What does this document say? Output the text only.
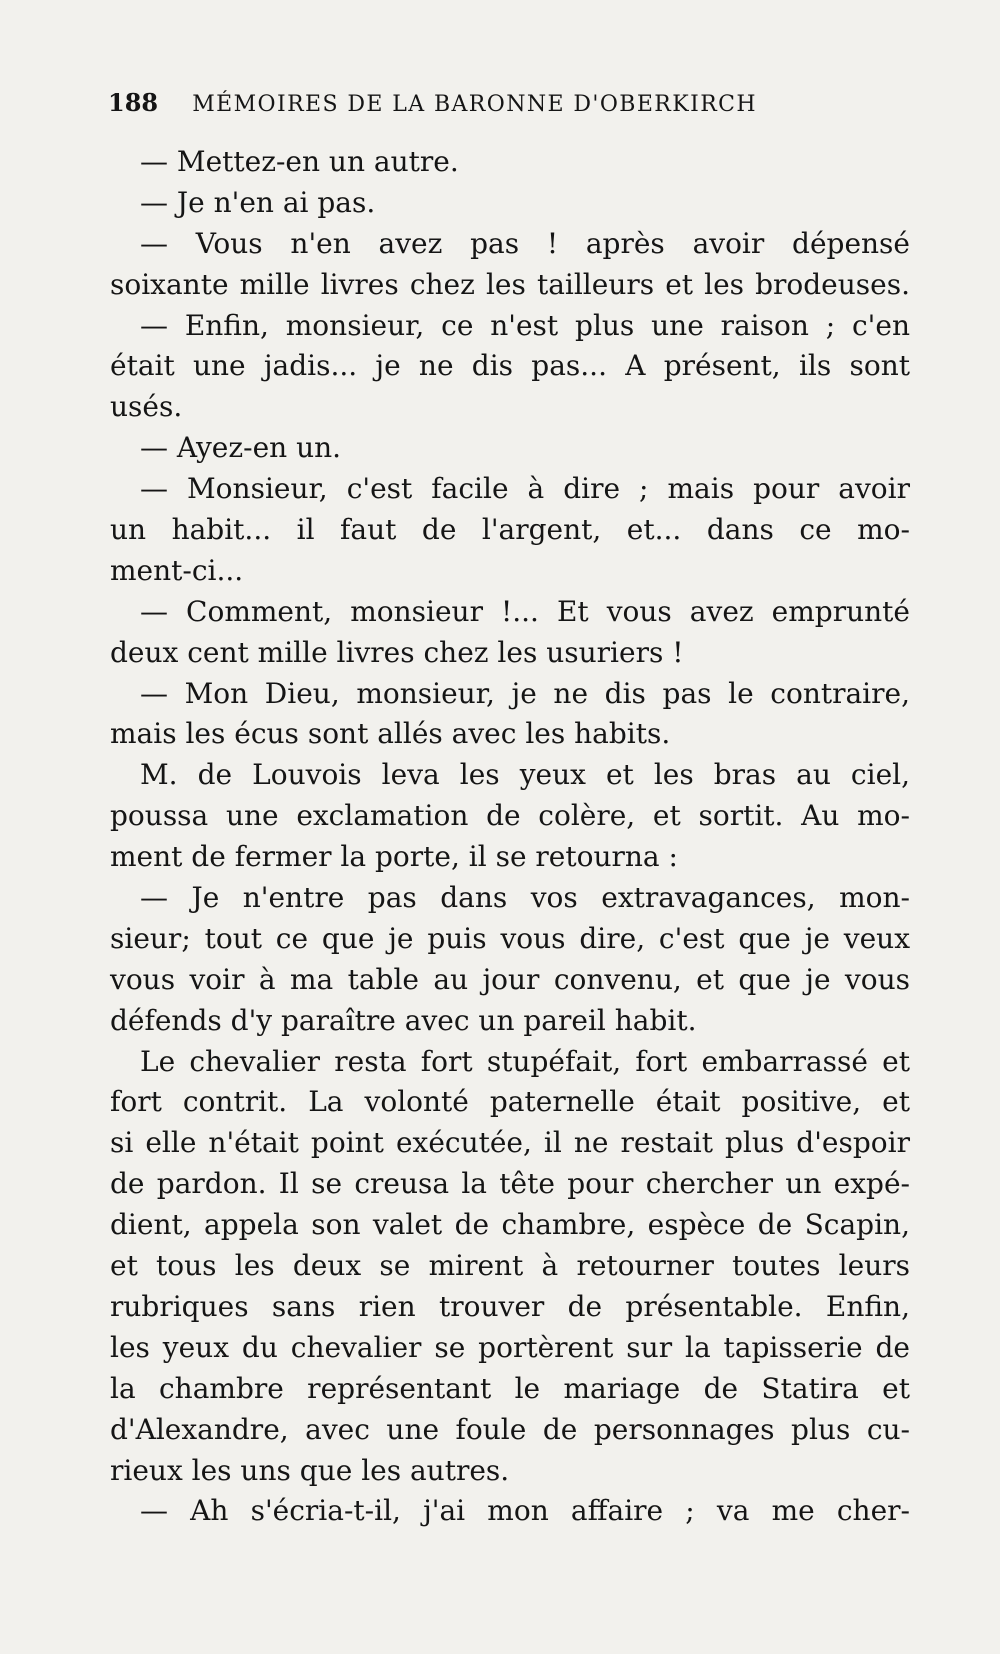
188 MÉMOIRES DE LA BARONNE D'OBERKIRCH
— Mettez-en un autre.
— Je n'en ai pas.
— Vous n'en avez pas ! après avoir dépensé
soixante mille livres chez les tailleurs et les brodeuses.
— Enfin, monsieur, ce n'est plus une raison ; c'en
était une jadis... je ne dis pas... A présent, ils sont
usés.
— Ayez-en un.
— Monsieur, c'est facile à dire ; mais pour avoir
un habit... il faut de l'argent, et... dans ce mo-
ment-ci...
— Comment, monsieur !... Et vous avez emprunté
deux cent mille livres chez les usuriers !
— Mon Dieu, monsieur, je ne dis pas le contraire,
mais les écus sont allés avec les habits.
M. de Louvois leva les yeux et les bras au ciel,
poussa une exclamation de colère, et sortit. Au mo-
ment de fermer la porte, il se retourna :
— Je n'entre pas dans vos extravagances, mon-
sieur; tout ce que je puis vous dire, c'est que je veux
vous voir à ma table au jour convenu, et que je vous
défends d'y paraître avec un pareil habit.
Le chevalier resta fort stupéfait, fort embarrassé et
fort contrit. La volonté paternelle était positive, et
si elle n'était point exécutée, il ne restait plus d'espoir
de pardon. Il se creusa la tête pour chercher un expé-
dient, appela son valet de chambre, espèce de Scapin,
et tous les deux se mirent à retourner toutes leurs
rubriques sans rien trouver de présentable. Enfin,
les yeux du chevalier se portèrent sur la tapisserie de
la chambre représentant le mariage de Statira et
d'Alexandre, avec une foule de personnages plus cu-
rieux les uns que les autres.
— Ah s'écria-t-il, j'ai mon affaire ; va me cher-
